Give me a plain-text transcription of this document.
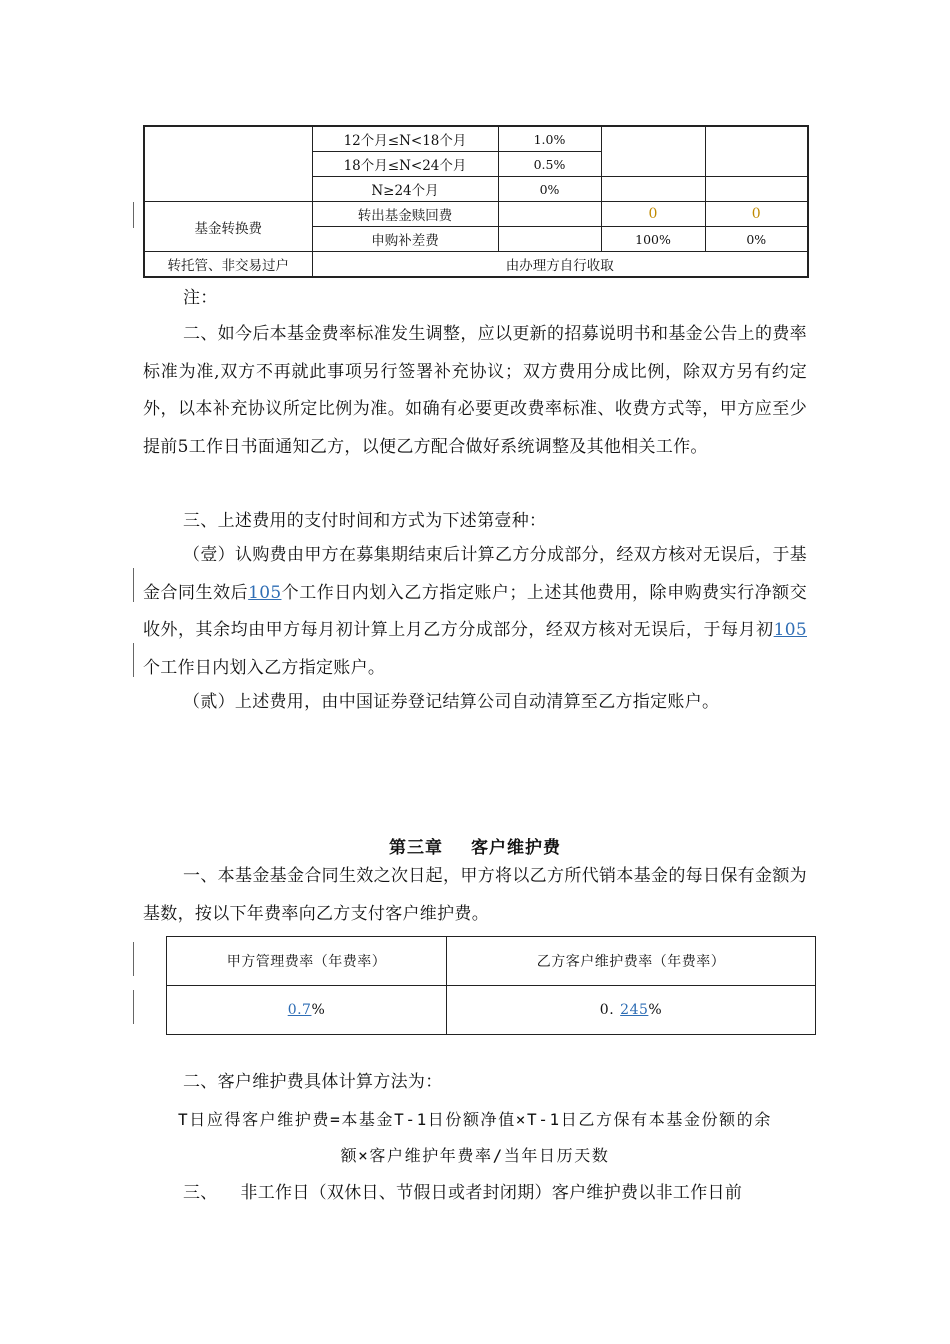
	12个月≤N<18个月	1.0%		
	18个月≤N<24个月	0.5%		
	N≥24个月	0%		
基金转换费	转出基金赎回费		0	0
	申购补差费		100%	0%
转托管、非交易过户	由办理方自行收取			

注：

二、如今后本基金费率标准发生调整，应以更新的招募说明书和基金公告上的费率标准为准,双方不再就此事项另行签署补充协议；双方费用分成比例，除双方另有约定外，以本补充协议所定比例为准。如确有必要更改费率标准、收费方式等，甲方应至少提前5工作日书面通知乙方，以便乙方配合做好系统调整及其他相关工作。

三、上述费用的支付时间和方式为下述第壹种：

（壹）认购费由甲方在募集期结束后计算乙方分成部分，经双方核对无误后，于基金合同生效后105个工作日内划入乙方指定账户；上述其他费用，除申购费实行净额交收外，其余均由甲方每月初计算上月乙方分成部分，经双方核对无误后，于每月初105个工作日内划入乙方指定账户。

（贰）上述费用，由中国证券登记结算公司自动清算至乙方指定账户。

第三章 客户维护费

一、本基金基金合同生效之次日起，甲方将以乙方所代销本基金的每日保有金额为基数，按以下年费率向乙方支付客户维护费。

甲方管理费率（年费率）	乙方客户维护费率（年费率）
0.7%	0. 245%

二、客户维护费具体计算方法为：

T日应得客户维护费=本基金T-1日份额净值×T-1日乙方保有本基金份额的余
额×客户维护年费率/当年日历天数

三、    非工作日（双休日、节假日或者封闭期）客户维护费以非工作日前
